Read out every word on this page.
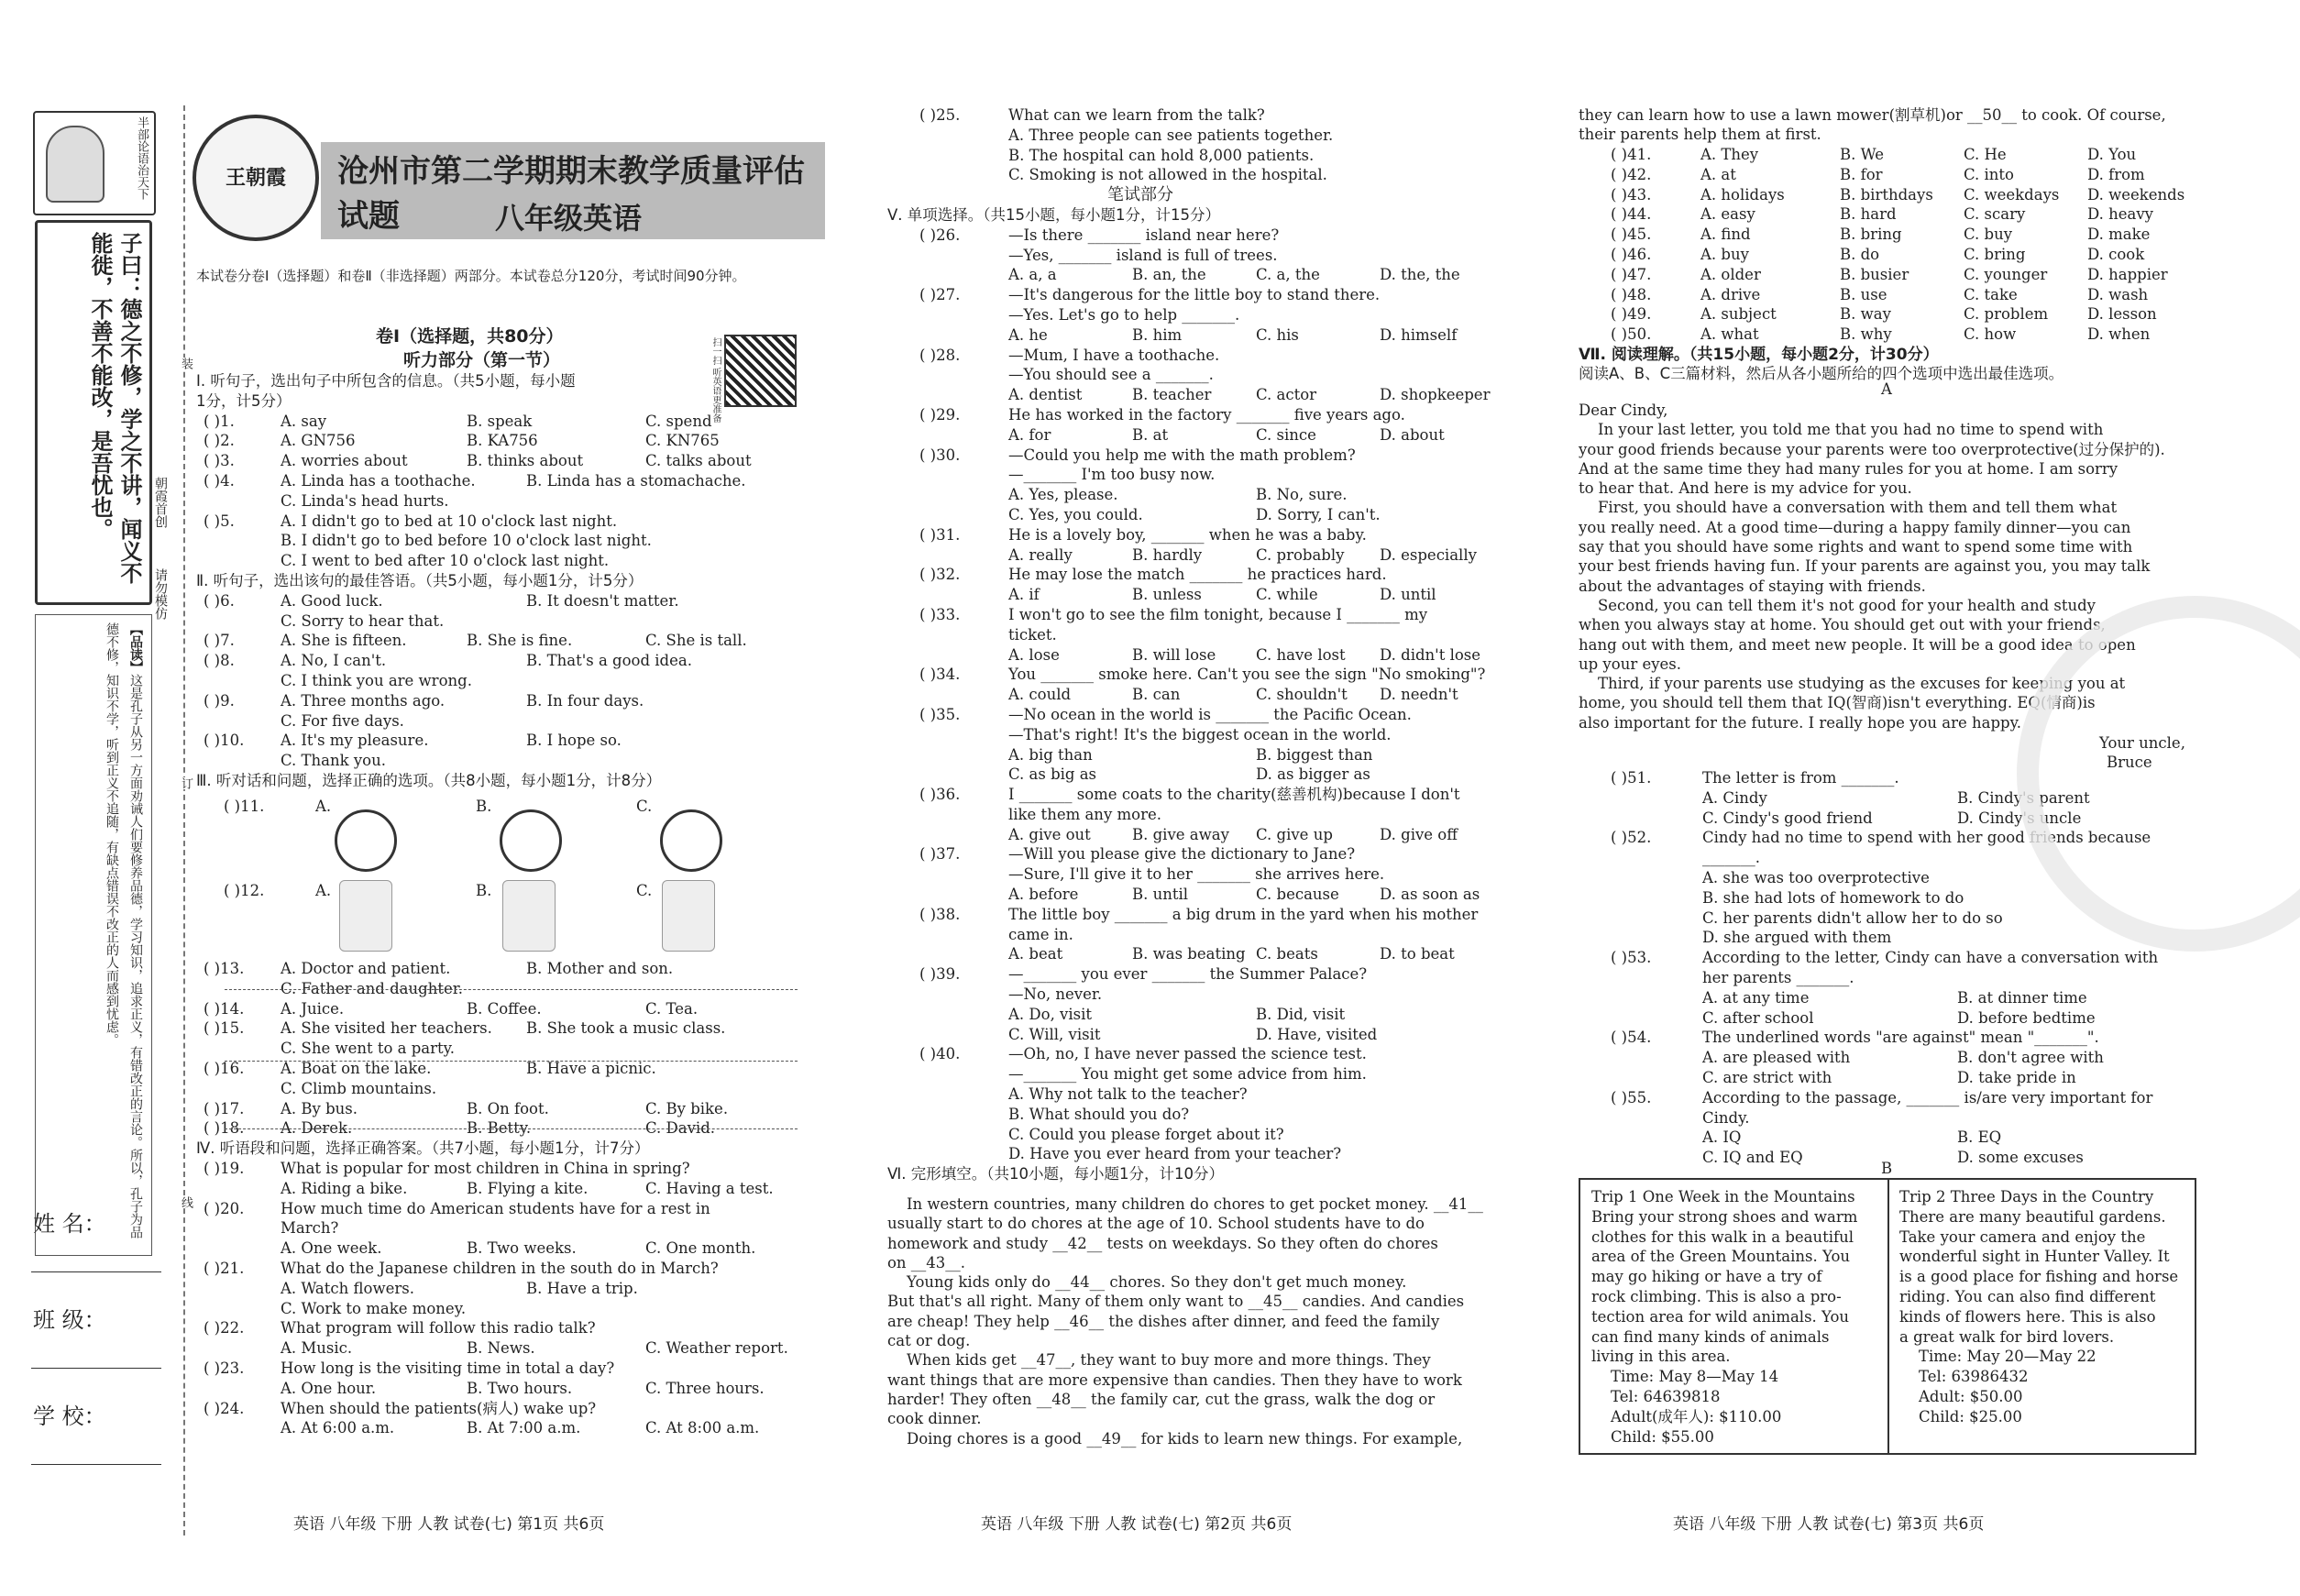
半部论语治天下
子曰：德之不修，学之不讲，闻义不能徙，不善不能改，是吾忧也。
【品读】这是孔子从另一方面劝诫人们要修养品德，学习知识，追求正义，有错改正的言论。所以，孔子为品德不修，知识不学，听到正义不追随，有缺点错误不改正的人而感到忧虑。
姓 名：
班 级：
学 校：
朝霞首创
请勿模仿
装
订
线
王朝霞	沧州市第二学期期末教学质量评估试题	八年级英语
本试卷分卷Ⅰ（选择题）和卷Ⅱ（非选择题）两部分。本试卷总分120分，考试时间90分钟。
卷Ⅰ（选择题，共80分）
听力部分（第一节）	扫一扫 听英语更准备
Ⅰ. 听句子，选出句子中所包含的信息。（共5小题，每小题
1分，计5分）
( )1.	A. say	B. speak	C. spend
( )2.	A. GN756	B. KA756	C. KN765
( )3.	A. worries about	B. thinks about	C. talks about
( )4.	A. Linda has a toothache.	B. Linda has a stomachache.
C. Linda's head hurts.
( )5.	A. I didn't go to bed at 10 o'clock last night.
B. I didn't go to bed before 10 o'clock last night.
C. I went to bed after 10 o'clock last night.
Ⅱ. 听句子，选出该句的最佳答语。（共5小题，每小题1分，计5分）
( )6.	A. Good luck.	B. It doesn't matter.
C. Sorry to hear that.
( )7.	A. She is fifteen.	B. She is fine.	C. She is tall.
( )8.	A. No, I can't.	B. That's a good idea.
C. I think you are wrong.
( )9.	A. Three months ago.	B. In four days.
C. For five days.
( )10. A. It's my pleasure.	B. I hope so.
C. Thank you.
Ⅲ. 听对话和问题，选择正确的选项。（共8小题，每小题1分，计8分）
( )11.	A.	B.	C.
( )12.	A.	B.	C.
( )13. A. Doctor and patient.	B. Mother and son.
C. Father and daughter.
( )14. A. Juice.	B. Coffee.	C. Tea.
( )15. A. She visited her teachers. B. She took a music class.
C. She went to a party.
( )16. A. Boat on the lake.	B. Have a picnic.
C. Climb mountains.
( )17. A. By bus.	B. On foot.	C. By bike.
( )18. A. Derek.	B. Betty.	C. David.
Ⅳ. 听语段和问题，选择正确答案。（共7小题，每小题1分，计7分）
( )19. What is popular for most children in China in spring?
A. Riding a bike.	B. Flying a kite.	C. Having a test.
( )20. How much time do American students have for a rest in
March?
A. One week.	B. Two weeks.	C. One month.
( )21. What do the Japanese children in the south do in March?
A. Watch flowers.	B. Have a trip.
C. Work to make money.
( )22. What program will follow this radio talk?
A. Music.	B. News.	C. Weather report.
( )23. How long is the visiting time in total a day?
A. One hour.	B. Two hours.	C. Three hours.
( )24. When should the patients(病人) wake up?
A. At 6:00 a.m.	B. At 7:00 a.m.	C. At 8:00 a.m.
( )25.	What can we learn from the talk?
A. Three people can see patients together.
B. The hospital can hold 8,000 patients.
C. Smoking is not allowed in the hospital.
笔试部分
Ⅴ. 单项选择。（共15小题，每小题1分，计15分）
( )26.	—Is there _______ island near here?
—Yes, _______ island is full of trees.
A. a, a	B. an, the	C. a, the	D. the, the
( )27.	—It's dangerous for the little boy to stand there.
—Yes. Let's go to help _______.
A. he	B. him	C. his	D. himself
( )28.	—Mum, I have a toothache.
—You should see a _______.
A. dentist	B. teacher	C. actor	D. shopkeeper
( )29.	He has worked in the factory _______ five years ago.
A. for	B. at	C. since	D. about
( )30.	—Could you help me with the math problem?
—_______ I'm too busy now.
A. Yes, please.	B. No, sure.
C. Yes, you could.	D. Sorry, I can't.
( )31.	He is a lovely boy, _______ when he was a baby.
A. really	B. hardly	C. probably D. especially
( )32.	He may lose the match _______ he practices hard.
A. if	B. unless	C. while	D. until
( )33.	I won't go to see the film tonight, because I _______ my
ticket.
A. lose	B. will lose	C. have lost D. didn't lose
( )34.	You _______ smoke here. Can't you see the sign "No smoking"?
A. could	B. can	C. shouldn't D. needn't
( )35.	—No ocean in the world is _______ the Pacific Ocean.
—That's right! It's the biggest ocean in the world.
A. big than	B. biggest than
C. as big as	D. as bigger as
( )36.	I _______ some coats to the charity(慈善机构)because I don't
like them any more.
A. give out	B. give away C. give up	D. give off
( )37.	—Will you please give the dictionary to Jane?
—Sure, I'll give it to her _______ she arrives here.
A. before	B. until	C. because	D. as soon as
( )38.	The little boy _______ a big drum in the yard when his mother
came in.
A. beat	B. was beating C. beats	D. to beat
( )39.	—_______ you ever _______ the Summer Palace?
—No, never.
A. Do, visit	B. Did, visit
C. Will, visit	D. Have, visited
( )40.	—Oh, no, I have never passed the science test.
—_______ You might get some advice from him.
A. Why not talk to the teacher?
B. What should you do?
C. Could you please forget about it?
D. Have you ever heard from your teacher?
Ⅵ. 完形填空。（共10小题，每小题1分，计10分）
In western countries, many children do chores to get pocket money. __41__
usually start to do chores at the age of 10. School students have to do
homework and study __42__ tests on weekdays. So they often do chores
on __43__.
Young kids only do __44__ chores. So they don't get much money.
But that's all right. Many of them only want to __45__ candies. And candies
are cheap! They help __46__ the dishes after dinner, and feed the family
cat or dog.
When kids get __47__, they want to buy more and more things. They
want things that are more expensive than candies. Then they have to work
harder! They often __48__ the family car, cut the grass, walk the dog or
cook dinner.
Doing chores is a good __49__ for kids to learn new things. For example,
they can learn how to use a lawn mower(割草机)or __50__ to cook. Of course,
their parents help them at first.
( )41.	A. They	B. We	C. He	D. You
( )42.	A. at	B. for	C. into	D. from
( )43.	A. holidays	B. birthdays C. weekdays D. weekends
( )44.	A. easy	B. hard	C. scary	D. heavy
( )45.	A. find	B. bring	C. buy	D. make
( )46.	A. buy	B. do	C. bring	D. cook
( )47.	A. older	B. busier	C. younger	D. happier
( )48.	A. drive	B. use	C. take	D. wash
( )49.	A. subject	B. way	C. problem	D. lesson
( )50.	A. what	B. why	C. how	D. when
Ⅶ. 阅读理解。（共15小题，每小题2分，计30分）
阅读A、B、C三篇材料，然后从各小题所给的四个选项中选出最佳选项。
A
Dear Cindy,
In your last letter, you told me that you had no time to spend with
your good friends because your parents were too overprotective(过分保护的).
And at the same time they had many rules for you at home. I am sorry
to hear that. And here is my advice for you.
First, you should have a conversation with them and tell them what
you really need. At a good time—during a happy family dinner—you can
say that you should have some rights and want to spend some time with
your best friends having fun. If your parents are against you, you may talk
about the advantages of staying with friends.
Second, you can tell them it's not good for your health and study
when you always stay at home. You should get out with your friends,
hang out with them, and meet new people. It will be a good idea to open
up your eyes.
Third, if your parents use studying as the excuses for keeping you at
home, you should tell them that IQ(智商)isn't everything. EQ(情商)is
also important for the future. I really hope you are happy.
Your uncle,
Bruce
( )51.	The letter is from _______.
A. Cindy	B. Cindy's parent
C. Cindy's good friend	D. Cindy's uncle
( )52.	Cindy had no time to spend with her good friends because
_______.
A. she was too overprotective
B. she had lots of homework to do
C. her parents didn't allow her to do so
D. she argued with them
( )53.	According to the letter, Cindy can have a conversation with
her parents _______.
A. at any time	B. at dinner time
C. after school	D. before bedtime
( )54.	The underlined words "are against" mean "_______".
A. are pleased with	B. don't agree with
C. are strict with	D. take pride in
( )55.	According to the passage, _______ is/are very important for
Cindy.
A. IQ	B. EQ
C. IQ and EQ	D. some excuses
B
Trip 1 One Week in the Mountains
Bring your strong shoes and warm
clothes for this walk in a beautiful
area of the Green Mountains. You
may go hiking or have a try of
rock climbing. This is also a pro-
tection area for wild animals. You
can find many kinds of animals
living in this area.
Time: May 8—May 14
Tel: 64639818
Adult(成年人): $110.00
Child: $55.00
Trip 2 Three Days in the Country
There are many beautiful gardens.
Take your camera and enjoy the
wonderful sight in Hunter Valley. It
is a good place for fishing and horse
riding. You can also find different
kinds of flowers here. This is also
a great walk for bird lovers.
Time: May 20—May 22
Tel: 63986432
Adult: $50.00
Child: $25.00
英语 八年级 下册 人教 试卷(七) 第1页 共6页	英语 八年级 下册 人教 试卷(七) 第2页 共6页	英语 八年级 下册 人教 试卷(七) 第3页 共6页
